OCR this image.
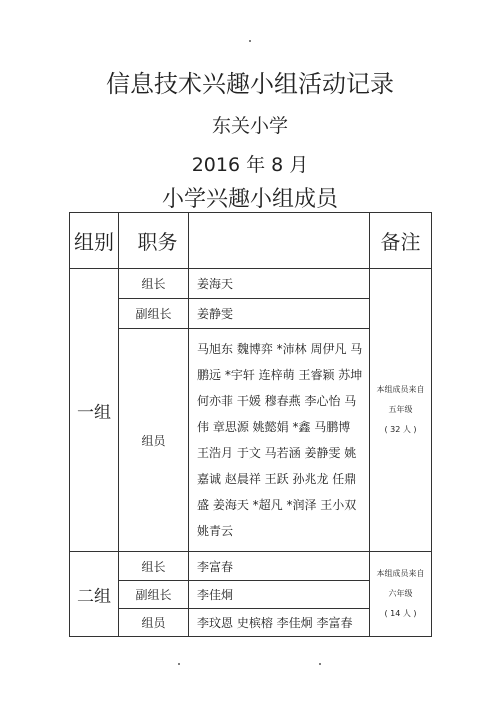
信息技术兴趣小组活动记录
东关小学
2016 年 8 月
小学兴趣小组成员
组别	职务		备注

一组	组长	姜海天	本组成员来自
五年级
( 32 人 )

	副组长	姜静雯	
	组员	马旭东 魏博弈 *沛林 周伊凡 马鹏远 *宇轩 连梓萌 王睿颖 苏坤 何亦菲 干媛 穆春燕 李心怡 马伟 章思源 姚懿娟 *鑫 马鹏博 王浩月 于文 马若涵 姜静雯 姚嘉诚 赵晨祥 王跃 孙兆龙 任鼎盛 姜海天 *超凡 *润泽 王小双 姚青云	
二组	组长	李富春	本组成员来自
六年级
( 14 人 )

	副组长	李佳炯	
	组员	李玟恩 史槟榕 李佳炯 李富春	
